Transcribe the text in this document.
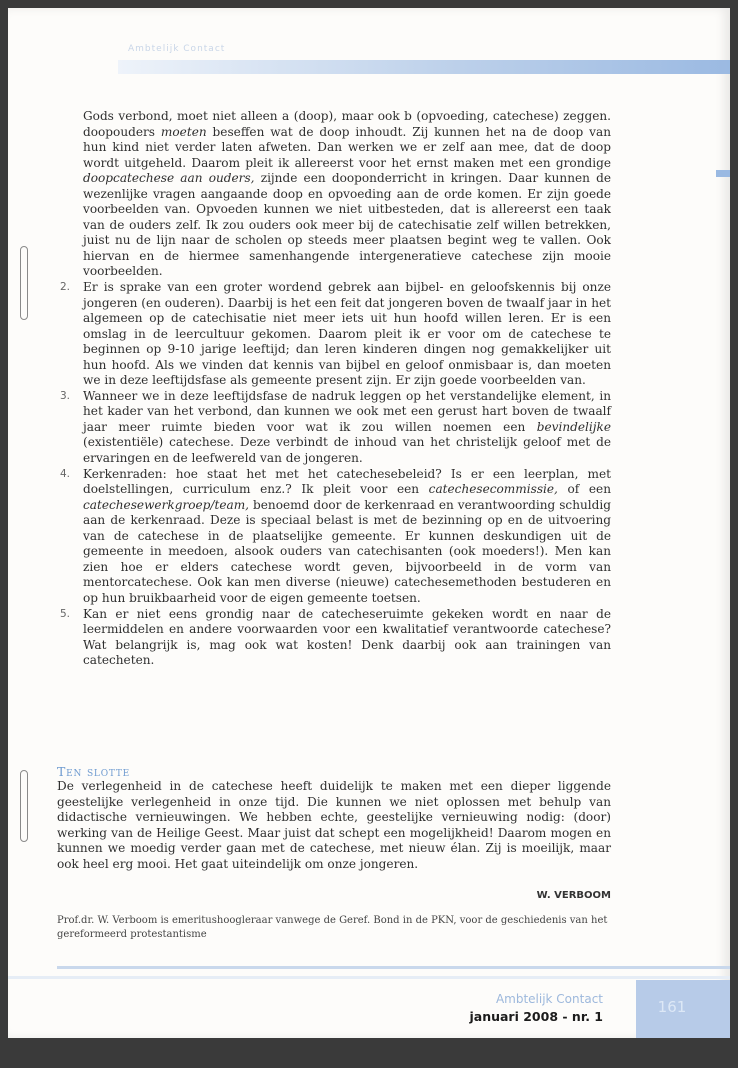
Ambtelijk Contact

Gods verbond, moet niet alleen a (doop), maar ook b (opvoeding, catechese) zeggen. doopouders moeten beseffen wat de doop inhoudt. Zij kunnen het na de doop van hun kind niet verder laten afweten. Dan werken we er zelf aan mee, dat de doop wordt uitgeheld. Daarom pleit ik allereerst voor het ernst maken met een grondige doopcatechese aan ouders, zijnde een dooponderricht in kringen. Daar kunnen de wezenlijke vragen aangaande doop en opvoeding aan de orde komen. Er zijn goede voorbeelden van. Opvoeden kunnen we niet uitbesteden, dat is allereerst een taak van de ouders zelf. Ik zou ouders ook meer bij de catechisatie zelf willen betrekken, juist nu de lijn naar de scholen op steeds meer plaatsen begint weg te vallen. Ook hiervan en de hiermee samenhangende intergeneratieve catechese zijn mooie voorbeelden.

2. Er is sprake van een groter wordend gebrek aan bijbel- en geloofskennis bij onze jongeren (en ouderen). Daarbij is het een feit dat jongeren boven de twaalf jaar in het algemeen op de catechisatie niet meer iets uit hun hoofd willen leren. Er is een omslag in de leercultuur gekomen. Daarom pleit ik er voor om de catechese te beginnen op 9-10 jarige leeftijd; dan leren kinderen dingen nog gemakkelijker uit hun hoofd. Als we vinden dat kennis van bijbel en geloof onmisbaar is, dan moeten we in deze leeftijdsfase als gemeente present zijn. Er zijn goede voorbeelden van.

3. Wanneer we in deze leeftijdsfase de nadruk leggen op het verstandelijke element, in het kader van het verbond, dan kunnen we ook met een gerust hart boven de twaalf jaar meer ruimte bieden voor wat ik zou willen noemen een bevindelijke (existentiële) catechese. Deze verbindt de inhoud van het christelijk geloof met de ervaringen en de leefwereld van de jongeren.

4. Kerkenraden: hoe staat het met het catechesebeleid? Is er een leerplan, met doelstellingen, curriculum enz.? Ik pleit voor een catechesecommissie, of een catechesewerkgroep/team, benoemd door de kerkenraad en verantwoording schuldig aan de kerkenraad. Deze is speciaal belast is met de bezinning op en de uitvoering van de catechese in de plaatselijke gemeente. Er kunnen deskundigen uit de gemeente in meedoen, alsook ouders van catechisanten (ook moeders!). Men kan zien hoe er elders catechese wordt geven, bijvoorbeeld in de vorm van mentorcatechese. Ook kan men diverse (nieuwe) catechesemethoden bestuderen en op hun bruikbaarheid voor de eigen gemeente toetsen.

5. Kan er niet eens grondig naar de catecheseruimte gekeken wordt en naar de leermiddelen en andere voorwaarden voor een kwalitatief verantwoorde catechese? Wat belangrijk is, mag ook wat kosten! Denk daarbij ook aan trainingen van catecheten.

Ten slotte

De verlegenheid in de catechese heeft duidelijk te maken met een dieper liggende geestelijke verlegenheid in onze tijd. Die kunnen we niet oplossen met behulp van didactische vernieuwingen. We hebben echte, geestelijke vernieuwing nodig: (door) werking van de Heilige Geest. Maar juist dat schept een mogelijkheid! Daarom mogen en kunnen we moedig verder gaan met de catechese, met nieuw élan. Zij is moeilijk, maar ook heel erg mooi. Het gaat uiteindelijk om onze jongeren.

W. VERBOOM

Prof.dr. W. Verboom is emeritushoogleraar vanwege de Geref. Bond in de PKN, voor de geschiedenis van het gereformeerd protestantisme

Ambtelijk Contact
januari 2008 - nr. 1
161
